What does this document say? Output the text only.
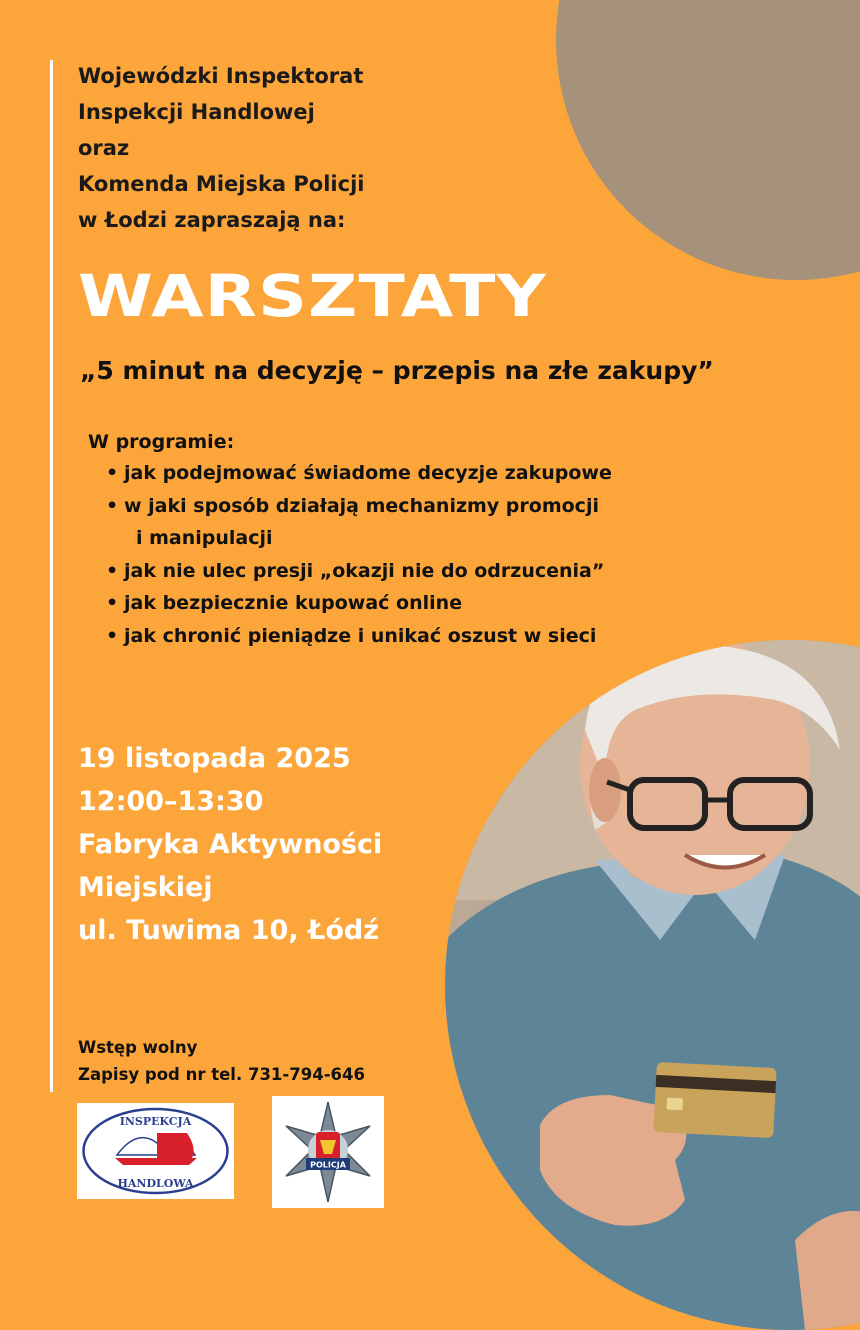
Wojewódzki Inspektorat
Inspekcji Handlowej
oraz
Komenda Miejska Policji
w Łodzi zapraszają na:
WARSZTATY
„5 minut na decyzję – przepis na złe zakupy”
W programie:
• jak podejmować świadome decyzje zakupowe
• w jaki sposób działają mechanizmy promocji
i manipulacji
• jak nie ulec presji „okazji nie do odrzucenia”
• jak bezpiecznie kupować online
• jak chronić pieniądze i unikać oszust w sieci
19 listopada 2025
12:00–13:30
Fabryka Aktywności
Miejskiej
ul. Tuwima 10, Łódź
Wstęp wolny
Zapisy pod nr tel. 731-794-646
INSPEKCJA
HANDLOWA
POLICJA
